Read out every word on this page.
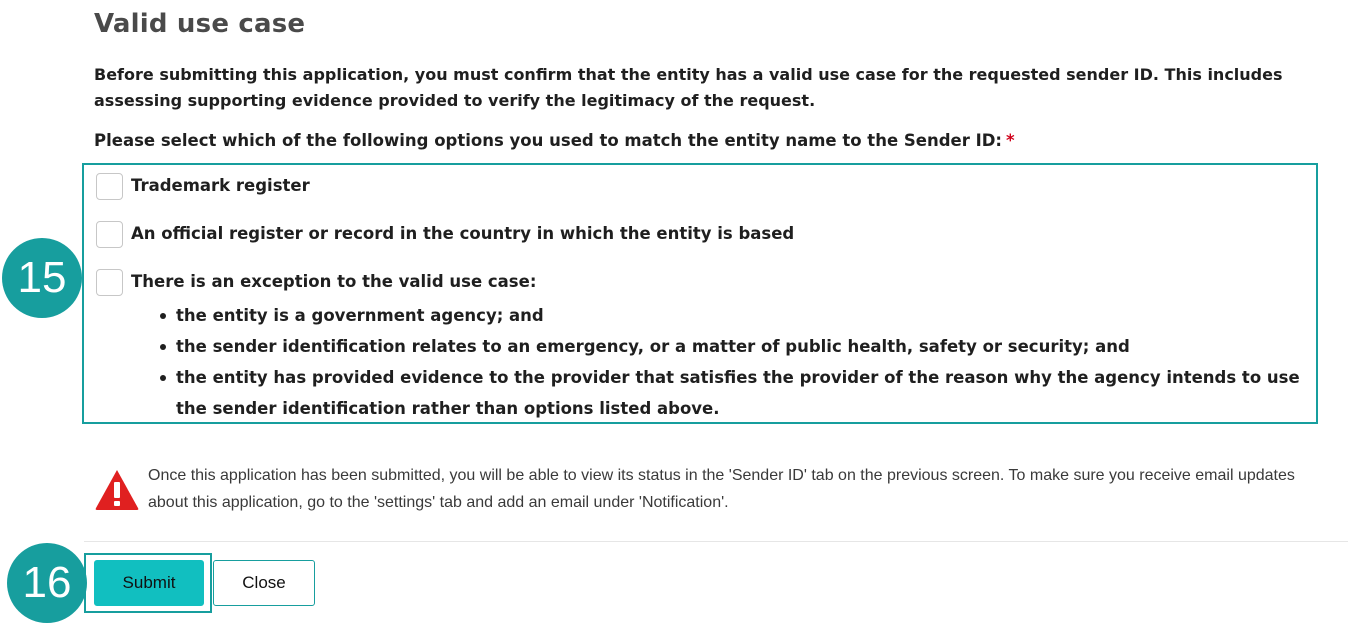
Valid use case

Before submitting this application, you must confirm that the entity has a valid use case for the requested sender ID. This includes assessing supporting evidence provided to verify the legitimacy of the request.

Please select which of the following options you used to match the entity name to the Sender ID: *
Trademark register
An official register or record in the country in which the entity is based
There is an exception to the valid use case:
the entity is a government agency; and
the sender identification relates to an emergency, or a matter of public health, safety or security; and
the entity has provided evidence to the provider that satisfies the provider of the reason why the agency intends to use the sender identification rather than options listed above.
15

Once this application has been submitted, you will be able to view its status in the 'Sender ID' tab on the previous screen. To make sure you receive email updates about this application, go to the 'settings' tab and add an email under 'Notification'.

Submit	Close
16
